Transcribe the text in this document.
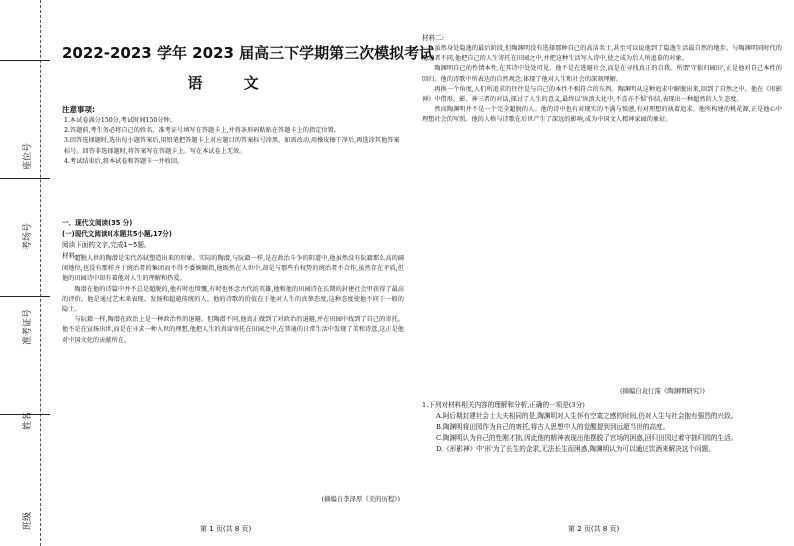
座位号
考场号
准考证号
姓名
班级
2022-2023 学年 2023 届高三下学期第三次模拟考试
语 文
注意事项:
1.本试卷满分150分,考试时间150分钟。
2.答题前,考生务必将自己的姓名、准考证号填写在答题卡上,并将条形码粘贴在答题卡上的指定位置。
3.回答选择题时,选出每小题答案后,用铅笔把答题卡上对应题目的答案标号涂黑。如需改动,用橡皮擦干净后,再选涂其他答案标号。回答非选择题时,将答案写在答题卡上。写在本试卷上无效。
4.考试结束后,将本试卷和答题卡一并收回。
一、现代文阅读(35 分)
(一)现代文阅读Ⅰ(本题共5小题,17分)
阅读下面的文字,完成1~5题。
材料一:

超脱人世的陶潜是宋代苏轼塑造出来的形象。实际的陶潜,与阮籍一样,是在政治斗争的阴道中,他虽然没有阮籍那么高的阔闲地位,也没有那样齐于统治者的集团而不得不委婉颐指,他既然在人世中,却是与那些有权势的统治者不合作,虽然存在矛盾,但他的田园诗中却有着他对人生的理解和热爱。

陶潜在他的诗篇中并不总是超脱的,他有时也愤慨,有时也怀念古代的英雄,他和他的田园诗在长期的封建社会里获得了最高的评价。他是通过艺术来表现、发扬和超越传统的人。他的诗歌的价值在于他对人生的真挚态度,这种态度使他不同于一般的隐士。

与阮籍一样,陶潜在政治上是一种政治性的退避。但陶潜不同,他真正做到了对政治的退避,并在田园中找到了自己的寄托。他不是在宣扬出世,而是在寻求一种入世的理想,他把人生的真谛寄托在田园之中,在普通的日常生活中发现了美和诗意,这正是他对中国文化的贡献所在。

(摘编自李泽厚《美的历程》)
第 1 页(共 8 页)
材料二:

虽然身处隐逸的最后阶段,但陶渊明没有选择那种自己的高洁名士,甚至可以说他到了隐逸生活最自然的地步。与陶渊明同时代的隐逸者不同,他把自己的人生寄托在田园之中,并把这种生活写入诗中,使之成为后人所追慕的对象。

陶渊明自己的性情本性,在其诗中处处可见。他不是在逃避社会,而是在寻找真正的自我。所谓'守拙归园田',正是他对自己本性的回归。他的诗歌中所表达的自然观念,体现了他对人生和社会的深刻理解。

再换一个角度,人们所追求的往往是与自己的本性不相符合的东西。陶渊明从这种追求中解脱出来,回到了自然之中。他在《形影神》中借形、影、神三者的对话,探讨了人生的意义,最终以'纵浪大化中,不喜亦不惧'作结,表现出一种超然的人生态度。

然而陶渊明并不是一个完全超脱的人。他的诗中也有对现实的不满与愤懑,有对理想的执着追求。他所构建的桃花源,正是他心中理想社会的写照。他的人格与诗歌在后世产生了深远的影响,成为中国文人精神家园的象征。

(摘编自袁行霈《陶渊明研究》)
1.下列对材料相关内容的理解和分析,正确的一项是(3分)
A.阿后期封建社会士大夫相同的是,陶渊明对人生怀有空寞之感的时间,仍对人生与社会抱有强烈的兴致。
B.陶渊明将田园作为自己的寄托,将古人思想中人的觉醒提到到远超当世的高度。
C.陶渊明认为自己的性刚才拙,因此他的精神表现出他摆脱了官场的困惑,回归田园过着守拙归园的生活。
D.《形影神》中'形'为了长生的企求,无法长生而困惑,陶渊明认为可以通过饮酒来解决这个问题。
第 2 页(共 8 页)
